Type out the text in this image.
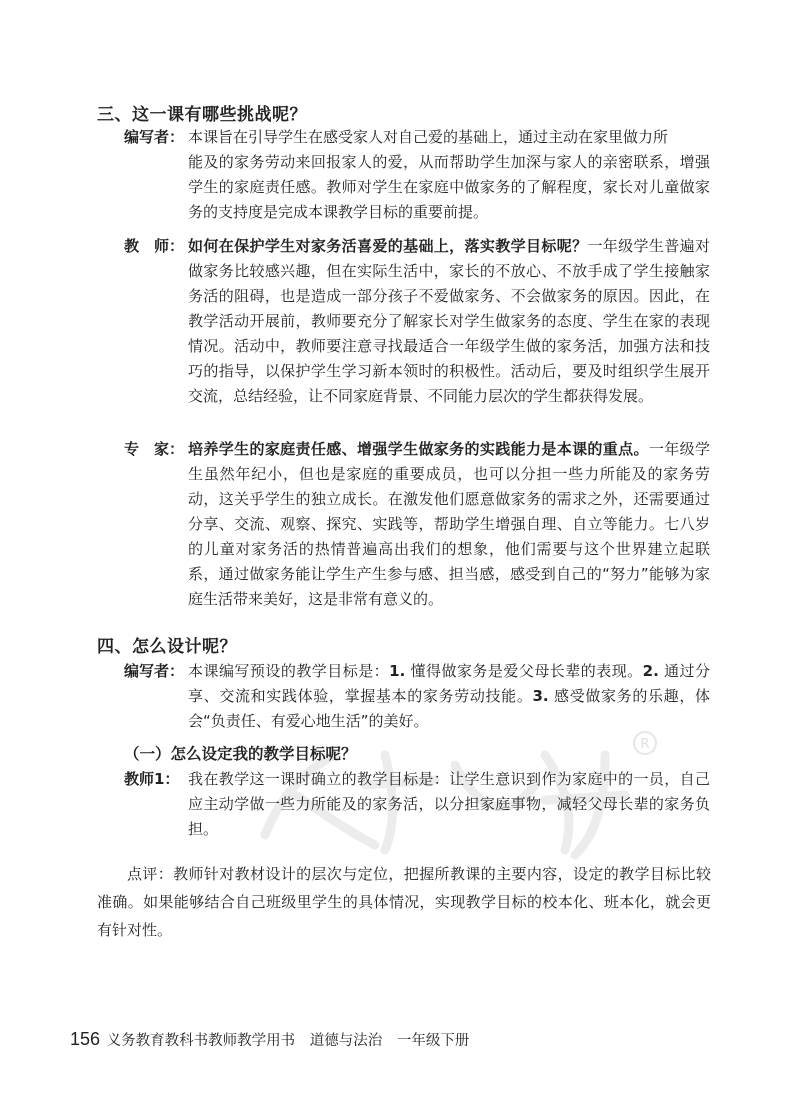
R
三、这一课有哪些挑战呢？
编写者： 本课旨在引导学生在感受家人对自己爱的基础上，通过主动在家里做力所
能及的家务劳动来回报家人的爱，从而帮助学生加深与家人的亲密联系，增强学生的家庭责任感。教师对学生在家庭中做家务的了解程度，家长对儿童做家务的支持度是完成本课教学目标的重要前提。
教　师： 如何在保护学生对家务活喜爱的基础上，落实教学目标呢？一年级学生普遍对做家务比较感兴趣，但在实际生活中，家长的不放心、不放手成了学生接触家务活的阻碍，也是造成一部分孩子不爱做家务、不会做家务的原因。因此，在教学活动开展前，教师要充分了解家长对学生做家务的态度、学生在家的表现情况。活动中，教师要注意寻找最适合一年级学生做的家务活，加强方法和技巧的指导，以保护学生学习新本领时的积极性。活动后，要及时组织学生展开交流，总结经验，让不同家庭背景、不同能力层次的学生都获得发展。
专　家： 培养学生的家庭责任感、增强学生做家务的实践能力是本课的重点。一年级学生虽然年纪小，但也是家庭的重要成员，也可以分担一些力所能及的家务劳动，这关乎学生的独立成长。在激发他们愿意做家务的需求之外，还需要通过分享、交流、观察、探究、实践等，帮助学生增强自理、自立等能力。七八岁的儿童对家务活的热情普遍高出我们的想象，他们需要与这个世界建立起联系，通过做家务能让学生产生参与感、担当感，感受到自己的“努力”能够为家庭生活带来美好，这是非常有意义的。
四、怎么设计呢？
编写者： 本课编写预设的教学目标是：1. 懂得做家务是爱父母长辈的表现。2. 通过分享、交流和实践体验，掌握基本的家务劳动技能。3. 感受做家务的乐趣，体会“负责任、有爱心地生活”的美好。
（一）怎么设定我的教学目标呢？
教师1： 我在教学这一课时确立的教学目标是：让学生意识到作为家庭中的一员，自己应主动学做一些力所能及的家务活，以分担家庭事物，减轻父母长辈的家务负担。
点评：教师针对教材设计的层次与定位，把握所教课的主要内容，设定的教学目标比较准确。如果能够结合自己班级里学生的具体情况，实现教学目标的校本化、班本化，就会更有针对性。
156 义务教育教科书教师教学用书 道德与法治 一年级下册
